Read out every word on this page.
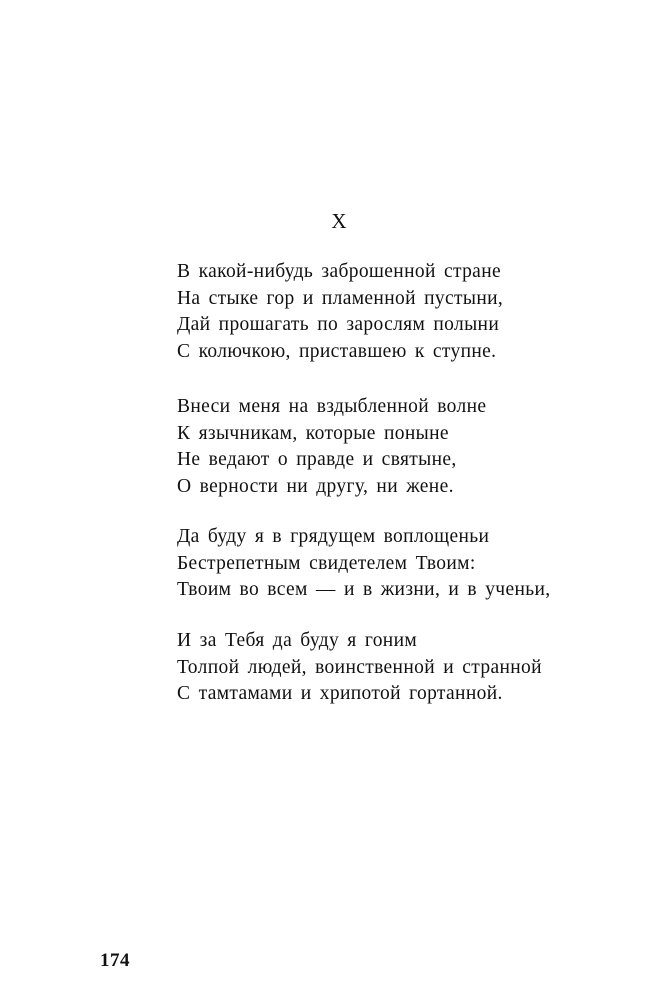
X
В какой-нибудь заброшенной стране
На стыке гор и пламенной пустыни,
Дай прошагать по зарослям полыни
С колючкою, приставшею к ступне.
Внеси меня на вздыбленной волне
К язычникам, которые поныне
Не ведают о правде и святыне,
О верности ни другу, ни жене.
Да буду я в грядущем воплощеньи
Бестрепетным свидетелем Твоим:
Твоим во всем — и в жизни, и в ученьи,
И за Тебя да буду я гоним
Толпой людей, воинственной и странной
С тамтамами и хрипотой гортанной.
174
